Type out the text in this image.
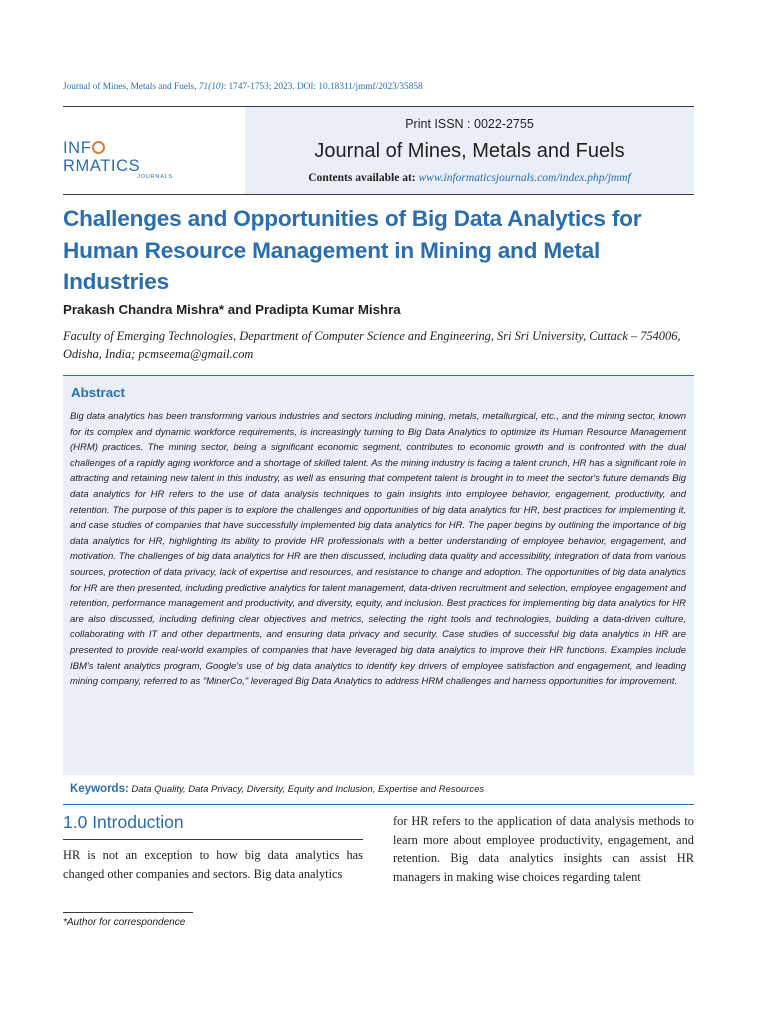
Journal of Mines, Metals and Fuels, 71(10): 1747-1753; 2023. DOI: 10.18311/jmmf/2023/35858
INFRMATICS
JOURNALS
Print ISSN : 0022-2755
Journal of Mines, Metals and Fuels
Contents available at: www.informaticsjournals.com/index.php/jmmf
Challenges and Opportunities of Big Data Analytics for Human Resource Management in Mining and Metal Industries
Prakash Chandra Mishra* and Pradipta Kumar Mishra
Faculty of Emerging Technologies, Department of Computer Science and Engineering, Sri Sri University, Cuttack – 754006, Odisha, India; pcmseema@gmail.com
Abstract
Big data analytics has been transforming various industries and sectors including mining, metals, metallurgical, etc., and the mining sector, known for its complex and dynamic workforce requirements, is increasingly turning to Big Data Analytics to optimize its Human Resource Management (HRM) practices. The mining sector, being a significant economic segment, contributes to economic growth and is confronted with the dual challenges of a rapidly aging workforce and a shortage of skilled talent. As the mining industry is facing a talent crunch, HR has a significant role in attracting and retaining new talent in this industry, as well as ensuring that competent talent is brought in to meet the sector's future demands Big data analytics for HR refers to the use of data analysis techniques to gain insights into employee behavior, engagement, productivity, and retention. The purpose of this paper is to explore the challenges and opportunities of big data analytics for HR, best practices for implementing it, and case studies of companies that have successfully implemented big data analytics for HR. The paper begins by outlining the importance of big data analytics for HR, highlighting its ability to provide HR professionals with a better understanding of employee behavior, engagement, and motivation. The challenges of big data analytics for HR are then discussed, including data quality and accessibility, integration of data from various sources, protection of data privacy, lack of expertise and resources, and resistance to change and adoption. The opportunities of big data analytics for HR are then presented, including predictive analytics for talent management, data-driven recruitment and selection, employee engagement and retention, performance management and productivity, and diversity, equity, and inclusion. Best practices for implementing big data analytics for HR are also discussed, including defining clear objectives and metrics, selecting the right tools and technologies, building a data-driven culture, collaborating with IT and other departments, and ensuring data privacy and security. Case studies of successful big data analytics in HR are presented to provide real-world examples of companies that have leveraged big data analytics to improve their HR functions. Examples include IBM's talent analytics program, Google's use of big data analytics to identify key drivers of employee satisfaction and engagement, and leading mining company, referred to as "MinerCo," leveraged Big Data Analytics to address HRM challenges and harness opportunities for improvement.
Keywords: Data Quality, Data Privacy, Diversity, Equity and Inclusion, Expertise and Resources
1.0 Introduction
HR is not an exception to how big data analytics has changed other companies and sectors. Big data analytics
for HR refers to the application of data analysis methods to learn more about employee productivity, engagement, and retention. Big data analytics insights can assist HR managers in making wise choices regarding talent
*Author for correspondence
